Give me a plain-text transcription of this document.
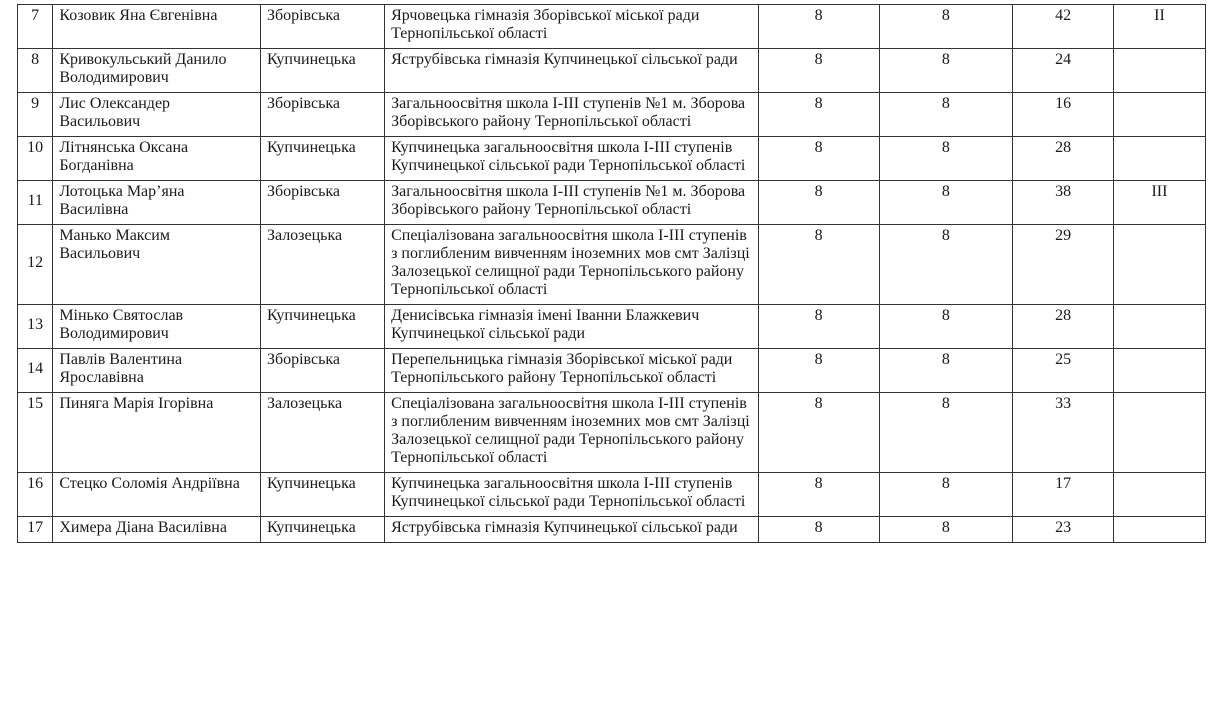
7	Козовик Яна Євгенівна	Зборівська	Ярчовецька гімназія Зборівської міської ради Тернопільської області	8	8	42	II
8	Кривокульський Данило Володимирович	Купчинецька	Яструбівська гімназія Купчинецької сільської ради	8	8	24	
9	Лис Олександер Васильович	Зборівська	Загальноосвітня школа І-ІІІ ступенів №1 м. Зборова Зборівського району Тернопільської області	8	8	16	
10	Літнянська Оксана Богданівна	Купчинецька	Купчинецька загальноосвітня школа І-ІІІ ступенів Купчинецької сільської ради Тернопільської області	8	8	28	
11	Лотоцька Мар’яна Василівна	Зборівська	Загальноосвітня школа І-ІІІ ступенів №1 м. Зборова Зборівського району Тернопільської області	8	8	38	III
12	Манько Максим Васильович	Залозецька	Спеціалізована загальноосвітня школа І-ІІІ ступенів з поглибленим вивченням іноземних мов смт Залізці Залозецької селищної ради Тернопільського району Тернопільської області	8	8	29	
13	Мінько Святослав Володимирович	Купчинецька	Денисівська гімназія імені Іванни Блажкевич Купчинецької сільської ради	8	8	28	
14	Павлів Валентина Ярославівна	Зборівська	Перепельницька гімназія Зборівської міської ради Тернопільського району Тернопільської області	8	8	25	
15	Пиняга Марія Ігорівна	Залозецька	Спеціалізована загальноосвітня школа І-ІІІ ступенів з поглибленим вивченням іноземних мов смт Залізці Залозецької селищної ради Тернопільського району Тернопільської області	8	8	33	
16	Стецко Соломія Андріївна	Купчинецька	Купчинецька загальноосвітня школа І-ІІІ ступенів Купчинецької сільської ради Тернопільської області	8	8	17	
17	Химера Діана Василівна	Купчинецька	Яструбівська гімназія Купчинецької сільської ради	8	8	23	
